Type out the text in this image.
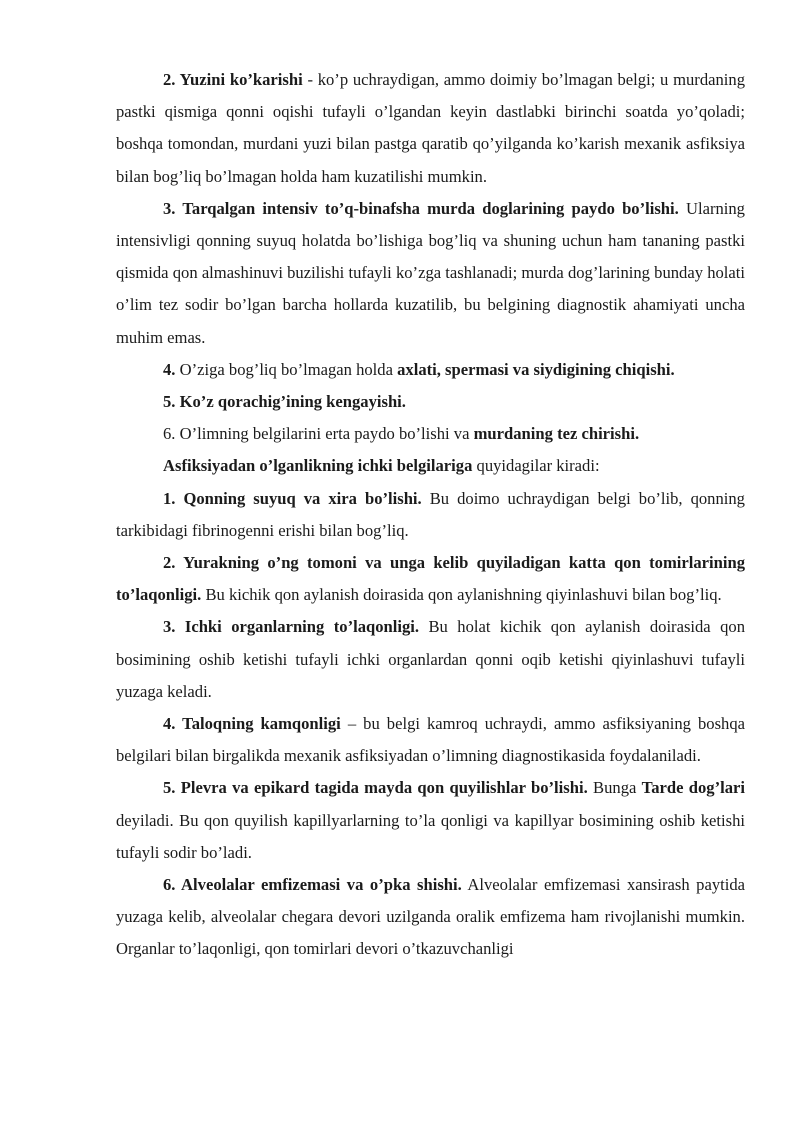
2. Yuzini ko’karishi - ko’p uchraydigan, ammo doimiy bo’lmagan belgi; u murdaning pastki qismiga qonni oqishi tufayli o’lgandan keyin dastlabki birinchi soatda yo’qoladi; boshqa tomondan, murdani yuzi bilan pastga qaratib qo’yilganda ko’karish mexanik asfiksiya bilan bog’liq bo’lmagan holda ham kuzatilishi mumkin.

3. Tarqalgan intensiv to’q-binafsha murda doglarining paydo bo’lishi. Ularning intensivligi qonning suyuq holatda bo’lishiga bog’liq va shuning uchun ham tananing pastki qismida qon almashinuvi buzilishi tufayli ko’zga tashlanadi; murda dog’larining bunday holati o’lim tez sodir bo’lgan barcha hollarda kuzatilib, bu belgining diagnostik ahamiyati uncha muhim emas.

4. O’ziga bog’liq bo’lmagan holda axlati, spermasi va siydigining chiqishi.

5. Ko’z qorachig’ining kengayishi.

6. O’limning belgilarini erta paydo bo’lishi va murdaning tez chirishi.

Asfiksiyadan o’lganlikning ichki belgilariga quyidagilar kiradi:

1. Qonning suyuq va xira bo’lishi. Bu doimo uchraydigan belgi bo’lib, qonning tarkibidagi fibrinogenni erishi bilan bog’liq.

2. Yurakning o’ng tomoni va unga kelib quyiladigan katta qon tomirlarining to’laqonligi. Bu kichik qon aylanish doirasida qon aylanishning qiyinlashuvi bilan bog’liq.

3. Ichki organlarning to’laqonligi. Bu holat kichik qon aylanish doirasida qon bosimining oshib ketishi tufayli ichki organlardan qonni oqib ketishi qiyinlashuvi tufayli yuzaga keladi.

4. Taloqning kamqonligi – bu belgi kamroq uchraydi, ammo asfiksiyaning boshqa belgilari bilan birgalikda mexanik asfiksiyadan o’limning diagnostikasida foydalaniladi.

5. Plevra va epikard tagida mayda qon quyilishlar bo’lishi. Bunga Tarde dog’lari deyiladi. Bu qon quyilish kapillyarlarning to’la qonligi va kapillyar bosimining oshib ketishi tufayli sodir bo’ladi.

6. Alveolalar emfizemasi va o’pka shishi. Alveolalar emfizemasi xansirash paytida yuzaga kelib, alveolalar chegara devori uzilganda oralik emfizema ham rivojlanishi mumkin. Organlar to’laqonligi, qon tomirlari devori o’tkazuvchanligi
